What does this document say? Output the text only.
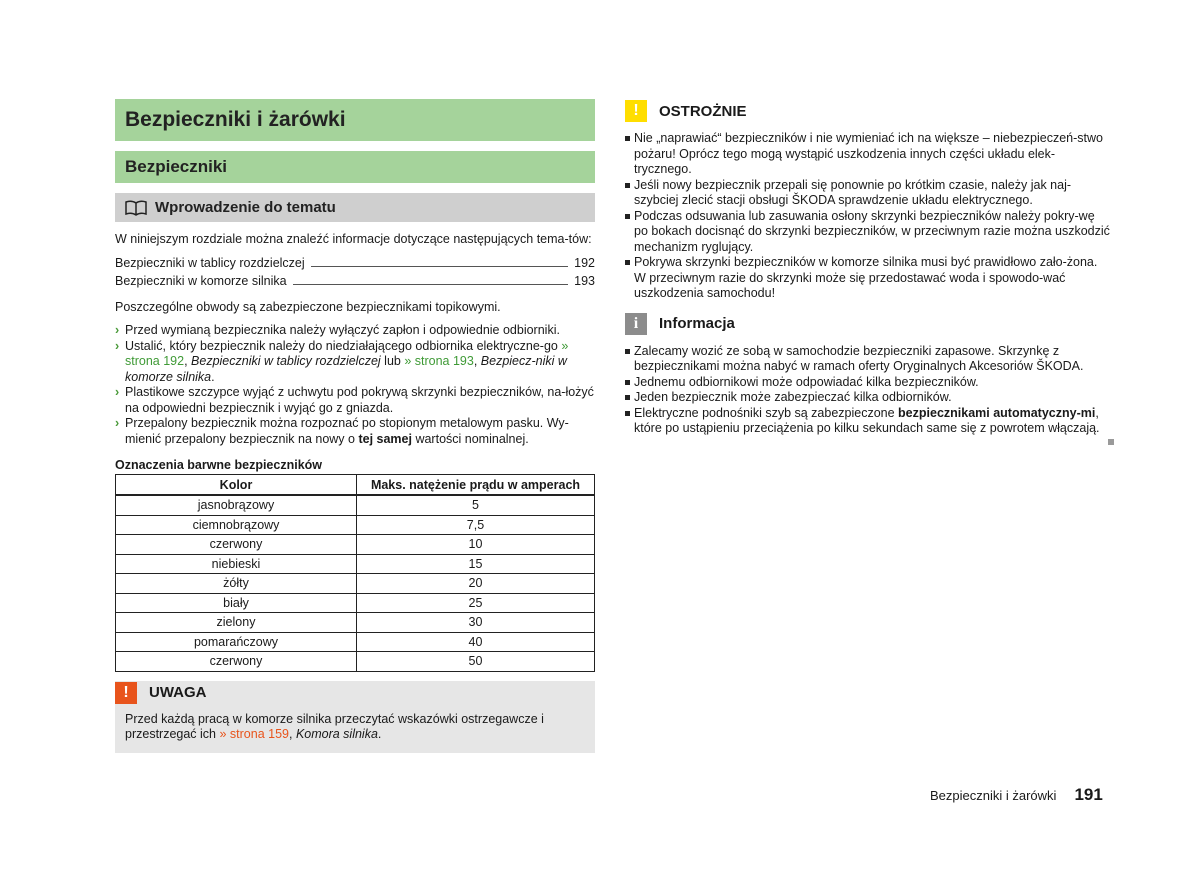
Bezpieczniki i żarówki
Bezpieczniki
Wprowadzenie do tematu

W niniejszym rozdziale można znaleźć informacje dotyczące następujących tema-tów:

Bezpieczniki w tablicy rozdzielczej	192
Bezpieczniki w komorze silnika	193

Poszczególne obwody są zabezpieczone bezpiecznikami topikowymi.

› Przed wymianą bezpiecznika należy wyłączyć zapłon i odpowiednie odbiorniki.
› Ustalić, który bezpiecznik należy do niedziałającego odbiornika elektryczne-go » strona 192, Bezpieczniki w tablicy rozdzielczej lub » strona 193, Bezpiecz-niki w komorze silnika.
› Plastikowe szczypce wyjąć z uchwytu pod pokrywą skrzynki bezpieczników, na-łożyć na odpowiedni bezpiecznik i wyjąć go z gniazda.
› Przepalony bezpiecznik można rozpoznać po stopionym metalowym pasku. Wy-mienić przepalony bezpiecznik na nowy o tej samej wartości nominalnej.
Oznaczenia barwne bezpieczników
Kolor	Maks. natężenie prądu w amperach
jasnobrązowy	5
ciemnobrązowy	7,5
czerwony	10
niebieski	15
żółty	20
biały	25
zielony	30
pomarańczowy	40
czerwony	50
!	UWAGA
Przed każdą pracą w komorze silnika przeczytać wskazówki ostrzegawcze i przestrzegać ich » strona 159, Komora silnika.
!	OSTROŻNIE
Nie „naprawiać“ bezpieczników i nie wymieniać ich na większe – niebezpieczeń-stwo pożaru! Oprócz tego mogą wystąpić uszkodzenia innych części układu elek-trycznego.
Jeśli nowy bezpiecznik przepali się ponownie po krótkim czasie, należy jak naj-szybciej zlecić stacji obsługi ŠKODA sprawdzenie układu elektrycznego.
Podczas odsuwania lub zasuwania osłony skrzynki bezpieczników należy pokry-wę po bokach docisnąć do skrzynki bezpieczników, w przeciwnym razie można uszkodzić mechanizm ryglujący.
Pokrywa skrzynki bezpieczników w komorze silnika musi być prawidłowo zało-żona. W przeciwnym razie do skrzynki może się przedostawać woda i spowodo-wać uszkodzenia samochodu!
i	Informacja
Zalecamy wozić ze sobą w samochodzie bezpieczniki zapasowe. Skrzynkę z bezpiecznikami można nabyć w ramach oferty Oryginalnych Akcesoriów ŠKODA.
Jednemu odbiornikowi może odpowiadać kilka bezpieczników.
Jeden bezpiecznik może zabezpieczać kilka odbiorników.
Elektryczne podnośniki szyb są zabezpieczone bezpiecznikami automatyczny-mi, które po ustąpieniu przeciążenia po kilku sekundach same się z powrotem włączają.
Bezpieczniki i żarówki 191
